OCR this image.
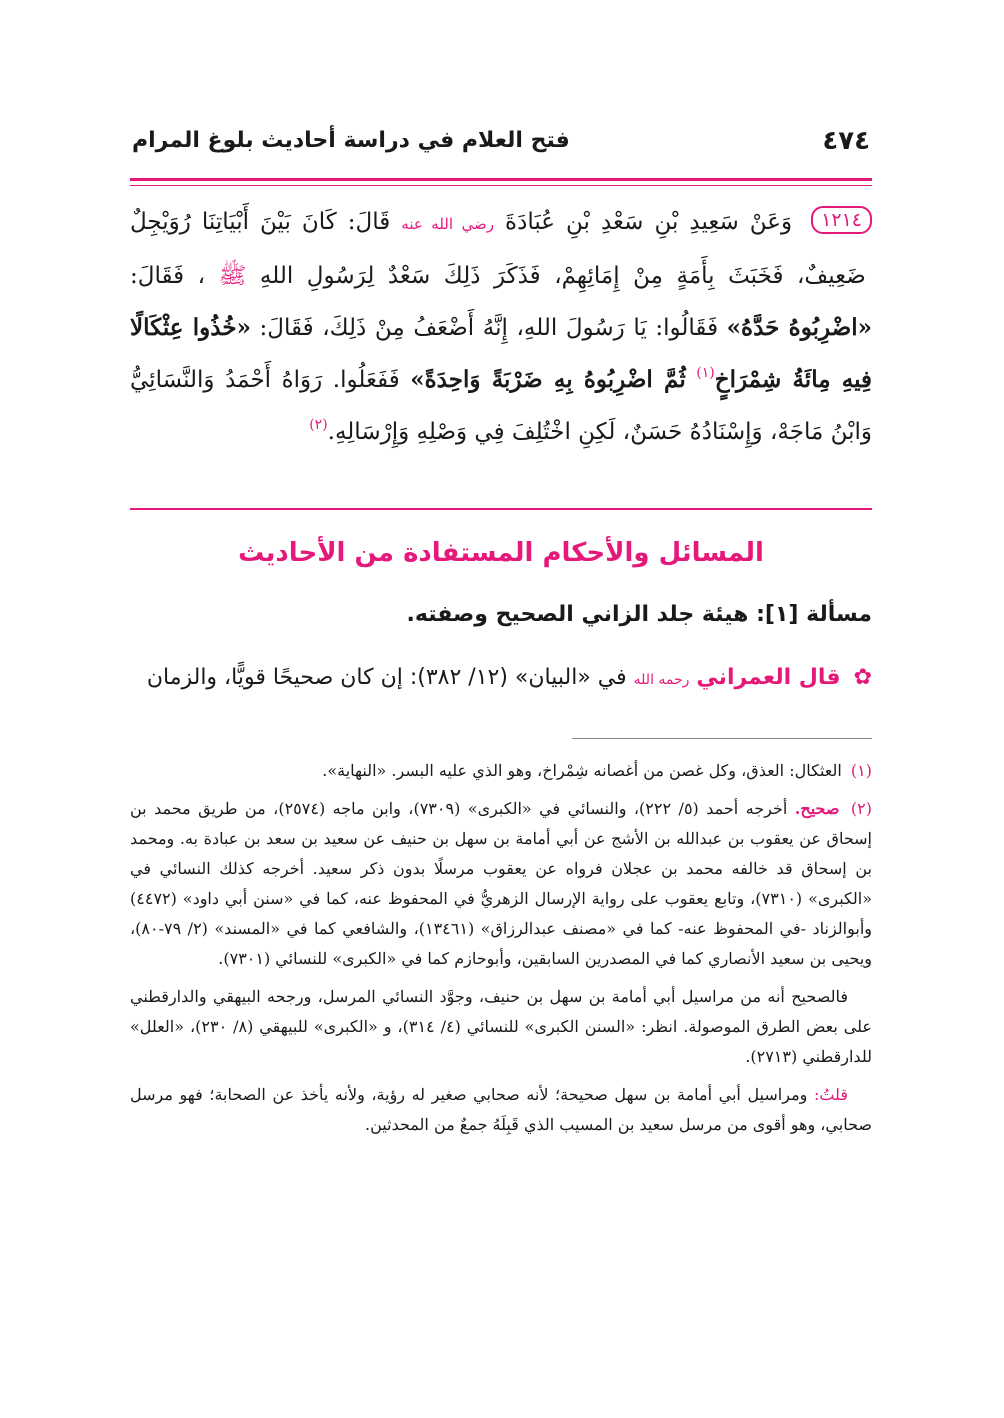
٤٧٤
فتح العلام في دراسة أحاديث بلوغ المرام
١٢١٤ وَعَنْ سَعِيدِ بْنِ سَعْدِ بْنِ عُبَادَةَ رضي الله عنه قَالَ: كَانَ بَيْنَ أَبْيَاتِنَا رُوَيْجِلٌ ضَعِيفٌ، فَخَبَثَ بِأَمَةٍ مِنْ إِمَائِهِمْ، فَذَكَرَ ذَلِكَ سَعْدٌ لِرَسُولِ اللهِ ﷺ ، فَقَالَ: «اضْرِبُوهُ حَدَّهُ» فَقَالُوا: يَا رَسُولَ اللهِ، إِنَّهُ أَضْعَفُ مِنْ ذَلِكَ، فَقَالَ: «خُذُوا عِثْكَالًا فِيهِ مِائَةُ شِمْرَاخٍ$^{(١)}$ ثُمَّ اضْرِبُوهُ بِهِ ضَرْبَةً وَاحِدَةً» فَفَعَلُوا. رَوَاهُ أَحْمَدُ وَالنَّسَائِيُّ وَابْنُ مَاجَهْ، وَإِسْنَادُهُ حَسَنٌ، لَكِنِ اخْتُلِفَ فِي وَصْلِهِ وَإِرْسَالِهِ.$^{(٢)}$
المسائل والأحكام المستفادة من الأحاديث
مسألة [١]: هيئة جلد الزاني الصحيح وصفته.
✿ قال العمراني رحمه الله في «البيان» (١٢/ ٣٨٢): إن كان صحيحًا قويًّا، والزمان

(١) العثكال: العذق، وكل غصن من أغصانه شِمْراخ، وهو الذي عليه البسر. «النهاية».

(٢) صحيح. أخرجه أحمد (٥/ ٢٢٢)، والنسائي في «الكبرى» (٧٣٠٩)، وابن ماجه (٢٥٧٤)، من طريق محمد بن إسحاق عن يعقوب بن عبدالله بن الأشج عن أبي أمامة بن سهل بن حنيف عن سعيد بن سعد بن عبادة به. ومحمد بن إسحاق قد خالفه محمد بن عجلان فرواه عن يعقوب مرسلًا بدون ذكر سعيد. أخرجه كذلك النسائي في «الكبرى» (٧٣١٠)، وتابع يعقوب على رواية الإرسال الزهريُّ في المحفوظ عنه، كما في «سنن أبي داود» (٤٤٧٢) وأبوالزناد -في المحفوظ عنه- كما في «مصنف عبدالرزاق» (١٣٤٦١)، والشافعي كما في «المسند» (٢/ ٧٩-٨٠)، ويحيى بن سعيد الأنصاري كما في المصدرين السابقين، وأبوحازم كما في «الكبرى» للنسائي (٧٣٠١).

فالصحيح أنه من مراسيل أبي أمامة بن سهل بن حنيف، وجوَّد النسائي المرسل، ورجحه البيهقي والدارقطني على بعض الطرق الموصولة. انظر: «السنن الكبرى» للنسائي (٤/ ٣١٤)، و «الكبرى» للبيهقي (٨/ ٢٣٠)، «العلل» للدارقطني (٢٧١٣).

قلتُ: ومراسيل أبي أمامة بن سهل صحيحة؛ لأنه صحابي صغير له رؤية، ولأنه يأخذ عن الصحابة؛ فهو مرسل صحابي، وهو أقوى من مرسل سعيد بن المسيب الذي قَبِلَهُ جمعٌ من المحدثين.
